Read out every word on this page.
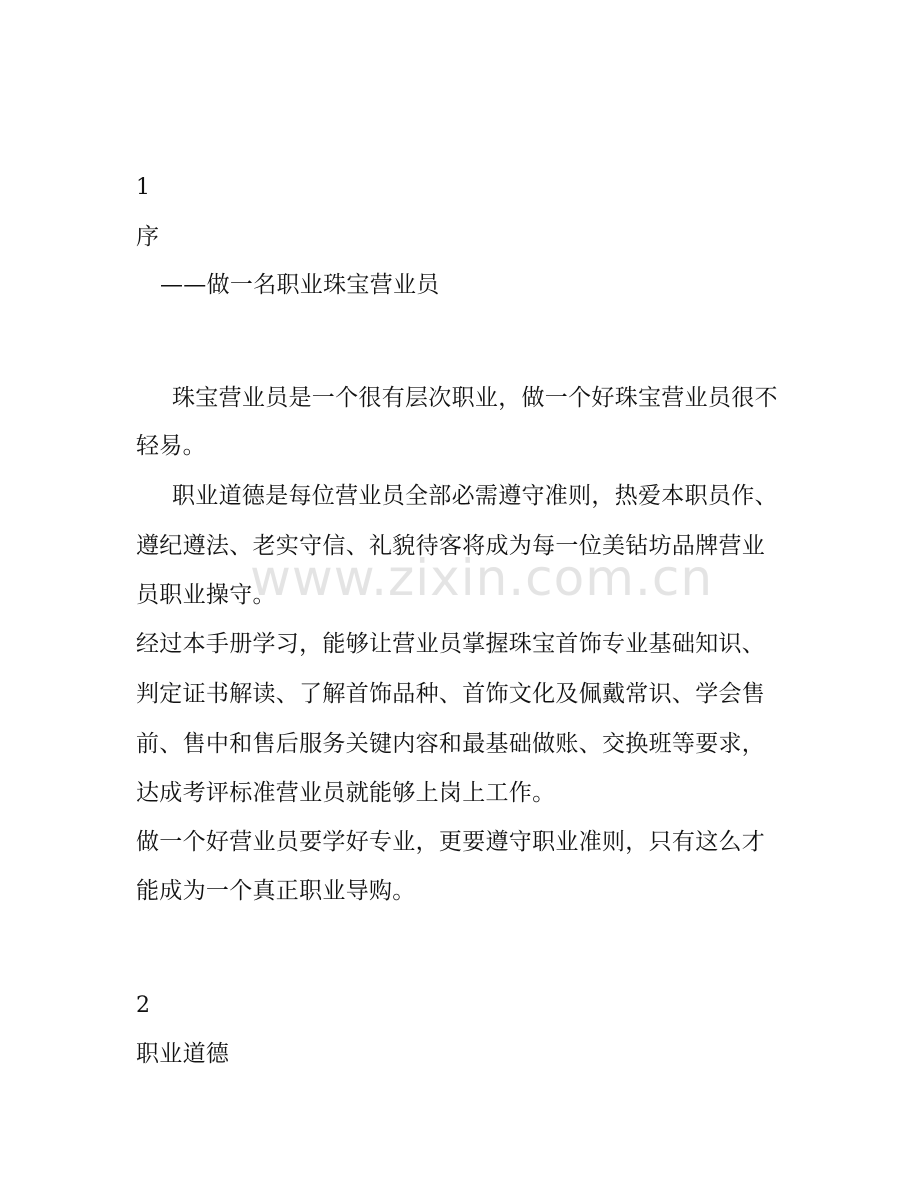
www.zixin.com.cn
1
序
——做一名职业珠宝营业员
珠宝营业员是一个很有层次职业，做一个好珠宝营业员很不
轻易。
职业道德是每位营业员全部必需遵守准则，热爱本职员作、
遵纪遵法、老实守信、礼貌待客将成为每一位美钻坊品牌营业
员职业操守。
经过本手册学习，能够让营业员掌握珠宝首饰专业基础知识、
判定证书解读、了解首饰品种、首饰文化及佩戴常识、学会售
前、售中和售后服务关键内容和最基础做账、交换班等要求，
达成考评标准营业员就能够上岗上工作。
做一个好营业员要学好专业，更要遵守职业准则，只有这么才
能成为一个真正职业导购。
2
职业道德
